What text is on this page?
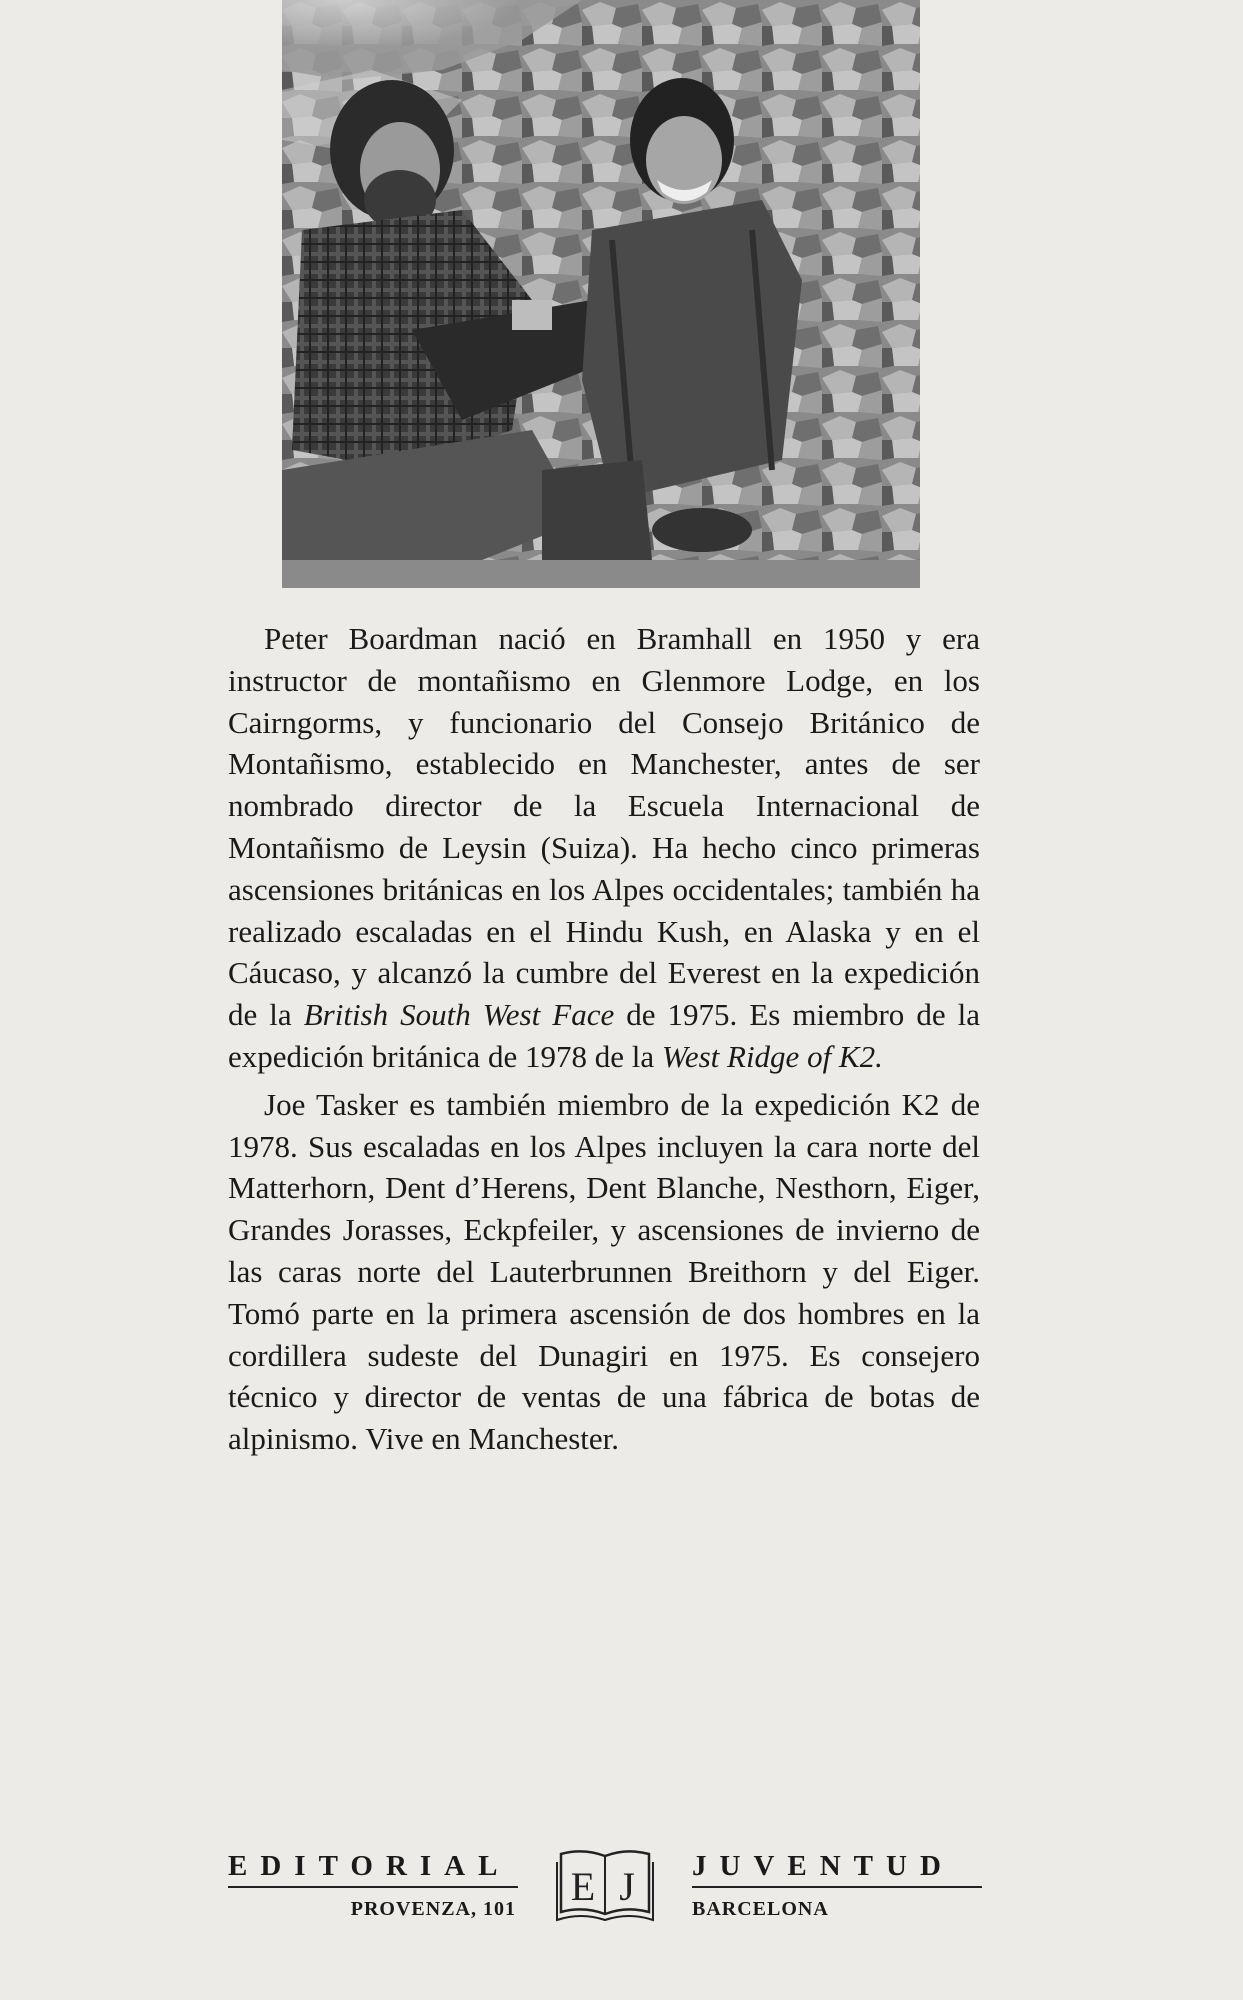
Peter Boardman nació en Bramhall en 1950 y era instructor de montañismo en Glenmore Lodge, en los Cairngorms, y funcionario del Consejo Británico de Montañismo, establecido en Manchester, antes de ser nombrado director de la Escuela Internacional de Montañismo de Leysin (Suiza). Ha hecho cinco primeras ascensiones británicas en los Alpes occidentales; también ha realizado escaladas en el Hindu Kush, en Alaska y en el Cáucaso, y alcanzó la cumbre del Everest en la expedición de la British South West Face de 1975. Es miembro de la expedición británica de 1978 de la West Ridge of K2.

Joe Tasker es también miembro de la expedición K2 de 1978. Sus escaladas en los Alpes incluyen la cara norte del Matterhorn, Dent d’Herens, Dent Blanche, Nesthorn, Eiger, Grandes Jorasses, Eckpfeiler, y ascensiones de invierno de las caras norte del Lauterbrunnen Breithorn y del Eiger. Tomó parte en la primera ascensión de dos hombres en la cordillera sudeste del Dunagiri en 1975. Es consejero técnico y director de ventas de una fábrica de botas de alpinismo. Vive en Manchester.

EDITORIAL
PROVENZA, 101 E J JUVENTUD
BARCELONA
